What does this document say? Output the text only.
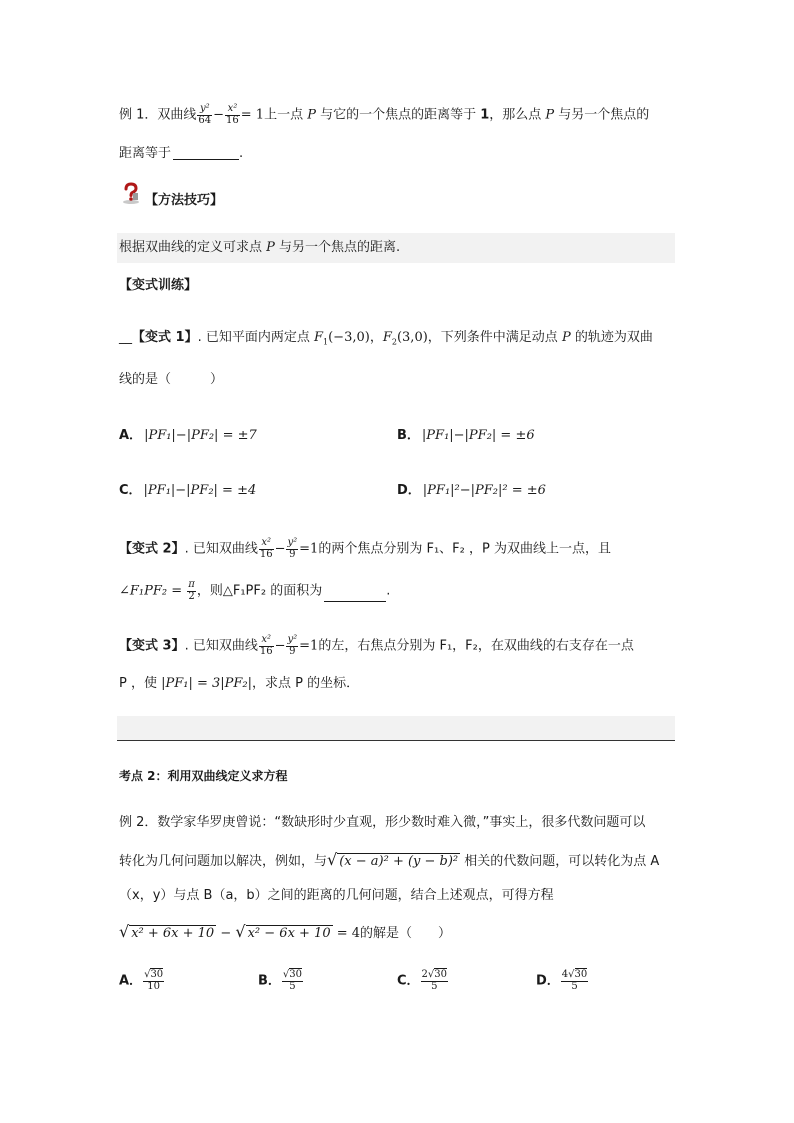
例 1．双曲线 $\frac{\text{y²}}{64} - \frac{\text{x²}}{16} = 1$上一点 P 与它的一个焦点的距离等于 1，那么点 P 与另一个焦点的
距离等于	.
【方法技巧】
根据双曲线的定义可求点 P 与另一个焦点的距离.
【变式训练】
__【变式 1】. 已知平面内两定点 $F_1(-3,0)$，$F_2(3,0)$，下列条件中满足动点 P 的轨迹为双曲
线的是（　　　）
A． |PF₁|−|PF₂| = ±7	B． |PF₁|−|PF₂| = ±6
C． |PF₁|−|PF₂| = ±4	D． |PF₁|²−|PF₂|² = ±6
【变式 2】. 已知双曲线 $\frac{\text{x²}}{16} - \frac{\text{y²}}{9} =1$的两个焦点分别为 F₁、F₂ ，P 为双曲线上一点，且
∠F₁PF₂ = $\frac{\pi}{2}$ ，则△F₁PF₂ 的面积为	.
【变式 3】. 已知双曲线 $\frac{\text{x²}}{16} - \frac{\text{y²}}{9} =1$的左，右焦点分别为 F₁，F₂，在双曲线的右支存在一点
P ，使 |PF₁| = 3|PF₂|，求点 P 的坐标．
考点 2：利用双曲线定义求方程
例 2．数学家华罗庚曾说：“数缺形时少直观，形少数时难入微，”事实上，很多代数问题可以
转化为几何问题加以解决，例如，与√ (x − a)² + (y − b)² 相关的代数问题，可以转化为点 A
（x，y）与点 B（a，b）之间的距离的几何问题，结合上述观点，可得方程
√ x² + 6x + 10 − √ x² − 6x + 10 = 4的解是（　　）
A． $\frac{√30}{10}$	B． $\frac{√30}{5}$	C． $\frac{2√30}{5}$	D． $\frac{4√30}{5}$
